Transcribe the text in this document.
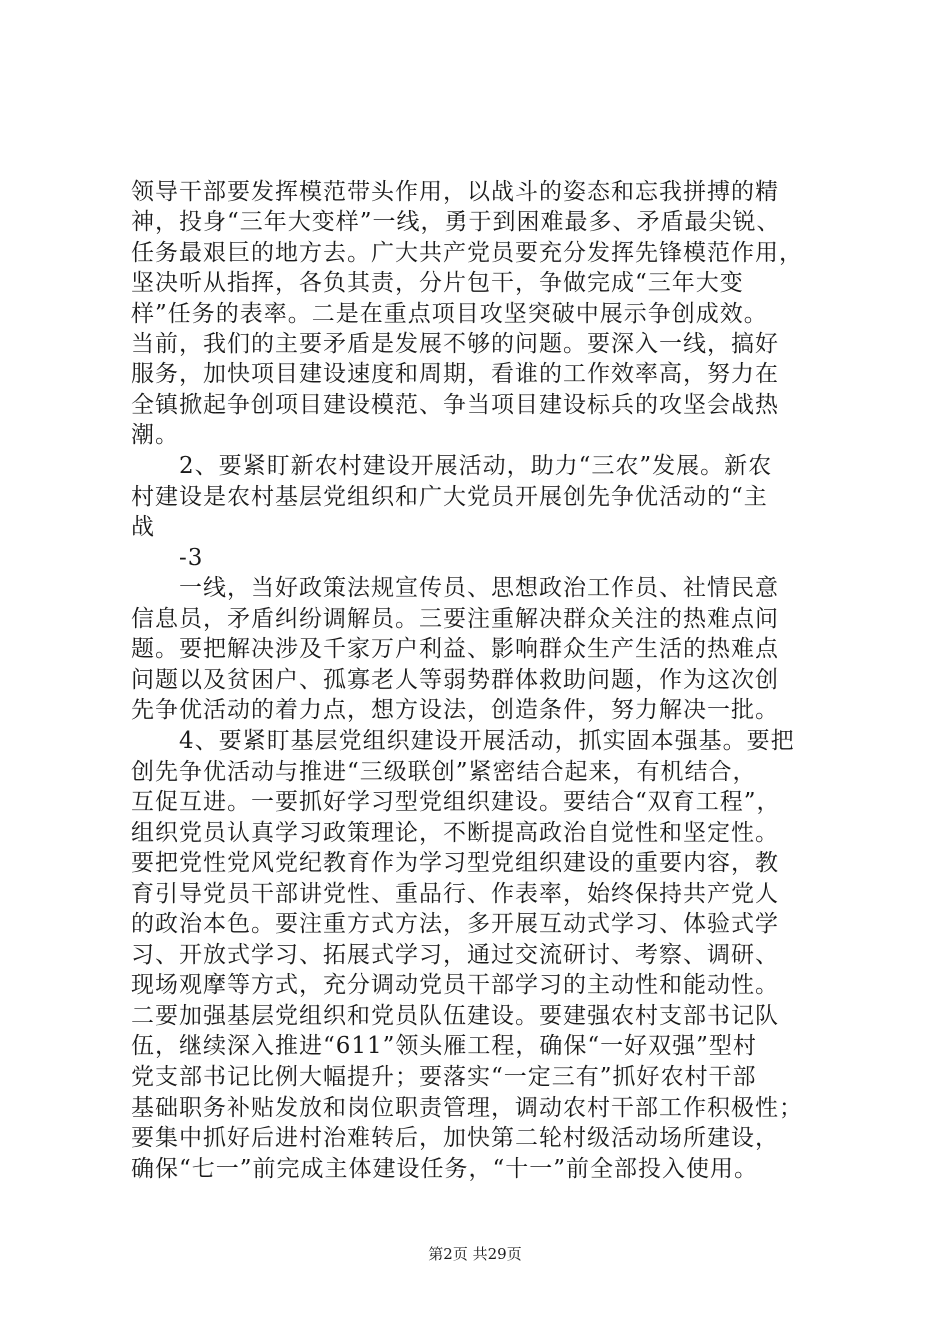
领导干部要发挥模范带头作用，以战斗的姿态和忘我拼搏的精
神，投身“三年大变样”一线，勇于到困难最多、矛盾最尖锐、
任务最艰巨的地方去。广大共产党员要充分发挥先锋模范作用，
坚决听从指挥，各负其责，分片包干，争做完成“三年大变
样”任务的表率。二是在重点项目攻坚突破中展示争创成效。
当前，我们的主要矛盾是发展不够的问题。要深入一线，搞好
服务，加快项目建设速度和周期，看谁的工作效率高，努力在
全镇掀起争创项目建设模范、争当项目建设标兵的攻坚会战热
潮。
　　2、要紧盯新农村建设开展活动，助力“三农”发展。新农
村建设是农村基层党组织和广大党员开展创先争优活动的“主
战
　　-3
　　一线，当好政策法规宣传员、思想政治工作员、社情民意
信息员，矛盾纠纷调解员。三要注重解决群众关注的热难点问
题。要把解决涉及千家万户利益、影响群众生产生活的热难点
问题以及贫困户、孤寡老人等弱势群体救助问题，作为这次创
先争优活动的着力点，想方设法，创造条件，努力解决一批。
　　4、要紧盯基层党组织建设开展活动，抓实固本强基。要把
创先争优活动与推进“三级联创”紧密结合起来，有机结合，
互促互进。一要抓好学习型党组织建设。要结合“双育工程”，
组织党员认真学习政策理论，不断提高政治自觉性和坚定性。
要把党性党风党纪教育作为学习型党组织建设的重要内容，教
育引导党员干部讲党性、重品行、作表率，始终保持共产党人
的政治本色。要注重方式方法，多开展互动式学习、体验式学
习、开放式学习、拓展式学习，通过交流研讨、考察、调研、
现场观摩等方式，充分调动党员干部学习的主动性和能动性。
二要加强基层党组织和党员队伍建设。要建强农村支部书记队
伍，继续深入推进“611”领头雁工程，确保“一好双强”型村
党支部书记比例大幅提升；要落实“一定三有”抓好农村干部
基础职务补贴发放和岗位职责管理，调动农村干部工作积极性；
要集中抓好后进村治难转后，加快第二轮村级活动场所建设，
确保“七一”前完成主体建设任务，“十一”前全部投入使用。
第2页 共29页
